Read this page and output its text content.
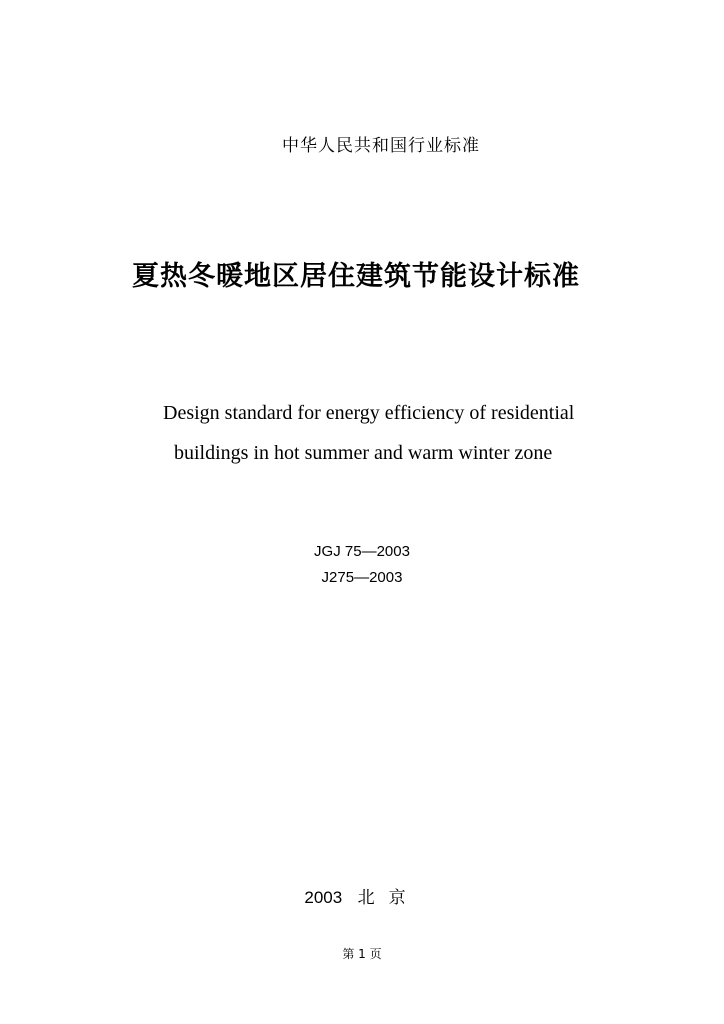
中华人民共和国行业标准
夏热冬暖地区居住建筑节能设计标准
Design standard for energy efficiency of residential
buildings in hot summer and warm winter zone
JGJ 75—2003
J275—2003
2003 北京
第 1 页
